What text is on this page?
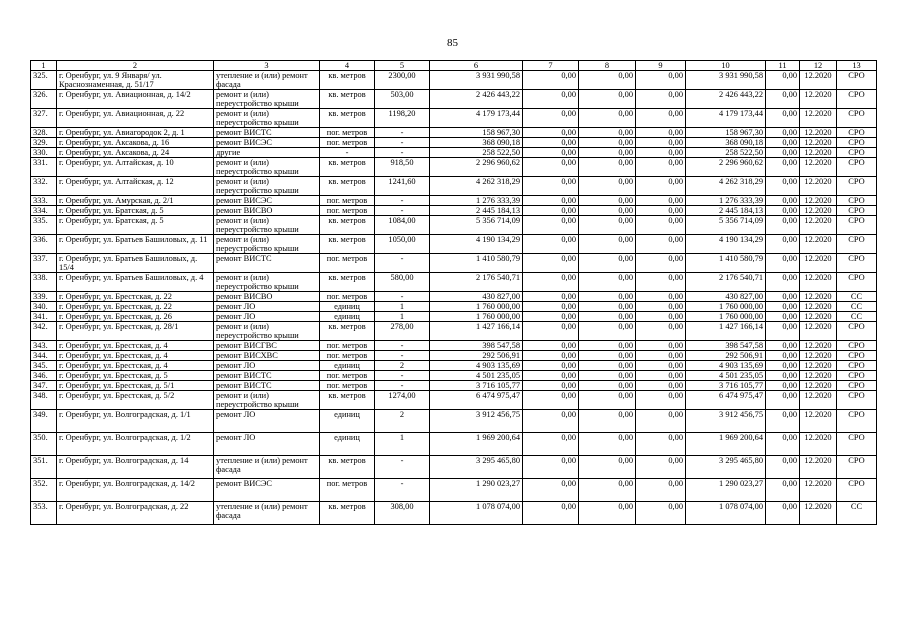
85
1	2	3	4	5	6	7	8	9	10	11	12	13
325.	г. Оренбург, ул. 9 Января/ ул. Краснознаменная, д. 51/17	утепление и (или) ремонт фасада	кв. метров	2300,00	3 931 990,58	0,00	0,00	0,00	3 931 990,58	0,00	12.2020	СРО
326.	г. Оренбург, ул. Авиационная, д. 14/2	ремонт и (или) переустройство крыши	кв. метров	503,00	2 426 443,22	0,00	0,00	0,00	2 426 443,22	0,00	12.2020	СРО
327.	г. Оренбург, ул. Авиационная, д. 22	ремонт и (или) переустройство крыши	кв. метров	1198,20	4 179 173,44	0,00	0,00	0,00	4 179 173,44	0,00	12.2020	СРО
328.	г. Оренбург, ул. Авиагородок 2, д. 1	ремонт ВИСТС	пог. метров	-	158 967,30	0,00	0,00	0,00	158 967,30	0,00	12.2020	СРО
329.	г. Оренбург, ул. Аксакова, д. 16	ремонт ВИСЭС	пог. метров	-	368 090,18	0,00	0,00	0,00	368 090,18	0,00	12.2020	СРО
330.	г. Оренбург, ул. Аксакова, д. 24	другие	-	-	258 522,50	0,00	0,00	0,00	258 522,50	0,00	12.2020	СРО
331.	г. Оренбург, ул. Алтайская, д. 10	ремонт и (или) переустройство крыши	кв. метров	918,50	2 296 960,62	0,00	0,00	0,00	2 296 960,62	0,00	12.2020	СРО
332.	г. Оренбург, ул. Алтайская, д. 12	ремонт и (или) переустройство крыши	кв. метров	1241,60	4 262 318,29	0,00	0,00	0,00	4 262 318,29	0,00	12.2020	СРО
333.	г. Оренбург, ул. Амурская, д. 2/1	ремонт ВИСЭС	пог. метров	-	1 276 333,39	0,00	0,00	0,00	1 276 333,39	0,00	12.2020	СРО
334.	г. Оренбург, ул. Братская, д. 5	ремонт ВИСВО	пог. метров	-	2 445 184,13	0,00	0,00	0,00	2 445 184,13	0,00	12.2020	СРО
335.	г. Оренбург, ул. Братская, д. 5	ремонт и (или) переустройство крыши	кв. метров	1084,00	5 356 714,09	0,00	0,00	0,00	5 356 714,09	0,00	12.2020	СРО
336.	г. Оренбург, ул. Братьев Башиловых, д. 11	ремонт и (или) переустройство крыши	кв. метров	1050,00	4 190 134,29	0,00	0,00	0,00	4 190 134,29	0,00	12.2020	СРО
337.	г. Оренбург, ул. Братьев Башиловых, д. 15/4	ремонт ВИСТС	пог. метров	-	1 410 580,79	0,00	0,00	0,00	1 410 580,79	0,00	12.2020	СРО
338.	г. Оренбург, ул. Братьев Башиловых, д. 4	ремонт и (или) переустройство крыши	кв. метров	580,00	2 176 540,71	0,00	0,00	0,00	2 176 540,71	0,00	12.2020	СРО
339.	г. Оренбург, ул. Брестская, д. 22	ремонт ВИСВО	пог. метров	-	430 827,00	0,00	0,00	0,00	430 827,00	0,00	12.2020	СС
340.	г. Оренбург, ул. Брестская, д. 22	ремонт ЛО	единиц	1	1 760 000,00	0,00	0,00	0,00	1 760 000,00	0,00	12.2020	СС
341.	г. Оренбург, ул. Брестская, д. 26	ремонт ЛО	единиц	1	1 760 000,00	0,00	0,00	0,00	1 760 000,00	0,00	12.2020	СС
342.	г. Оренбург, ул. Брестская, д. 28/1	ремонт и (или) переустройство крыши	кв. метров	278,00	1 427 166,14	0,00	0,00	0,00	1 427 166,14	0,00	12.2020	СРО
343.	г. Оренбург, ул. Брестская, д. 4	ремонт ВИСГВС	пог. метров	-	398 547,58	0,00	0,00	0,00	398 547,58	0,00	12.2020	СРО
344.	г. Оренбург, ул. Брестская, д. 4	ремонт ВИСХВС	пог. метров	-	292 506,91	0,00	0,00	0,00	292 506,91	0,00	12.2020	СРО
345.	г. Оренбург, ул. Брестская, д. 4	ремонт ЛО	единиц	2	4 903 135,69	0,00	0,00	0,00	4 903 135,69	0,00	12.2020	СРО
346.	г. Оренбург, ул. Брестская, д. 5	ремонт ВИСТС	пог. метров	-	4 501 235,05	0,00	0,00	0,00	4 501 235,05	0,00	12.2020	СРО
347.	г. Оренбург, ул. Брестская, д. 5/1	ремонт ВИСТС	пог. метров	-	3 716 105,77	0,00	0,00	0,00	3 716 105,77	0,00	12.2020	СРО
348.	г. Оренбург, ул. Брестская, д. 5/2	ремонт и (или) переустройство крыши	кв. метров	1274,00	6 474 975,47	0,00	0,00	0,00	6 474 975,47	0,00	12.2020	СРО
349.	г. Оренбург, ул. Волгоградская, д. 1/1	ремонт ЛО	единиц	2	3 912 456,75	0,00	0,00	0,00	3 912 456,75	0,00	12.2020	СРО
350.	г. Оренбург, ул. Волгоградская, д. 1/2	ремонт ЛО	единиц	1	1 969 200,64	0,00	0,00	0,00	1 969 200,64	0,00	12.2020	СРО
351.	г. Оренбург, ул. Волгоградская, д. 14	утепление и (или) ремонт фасада	кв. метров	-	3 295 465,80	0,00	0,00	0,00	3 295 465,80	0,00	12.2020	СРО
352.	г. Оренбург, ул. Волгоградская, д. 14/2	ремонт ВИСЭС	пог. метров	-	1 290 023,27	0,00	0,00	0,00	1 290 023,27	0,00	12.2020	СРО
353.	г. Оренбург, ул. Волгоградская, д. 22	утепление и (или) ремонт фасада	кв. метров	308,00	1 078 074,00	0,00	0,00	0,00	1 078 074,00	0,00	12.2020	СС
